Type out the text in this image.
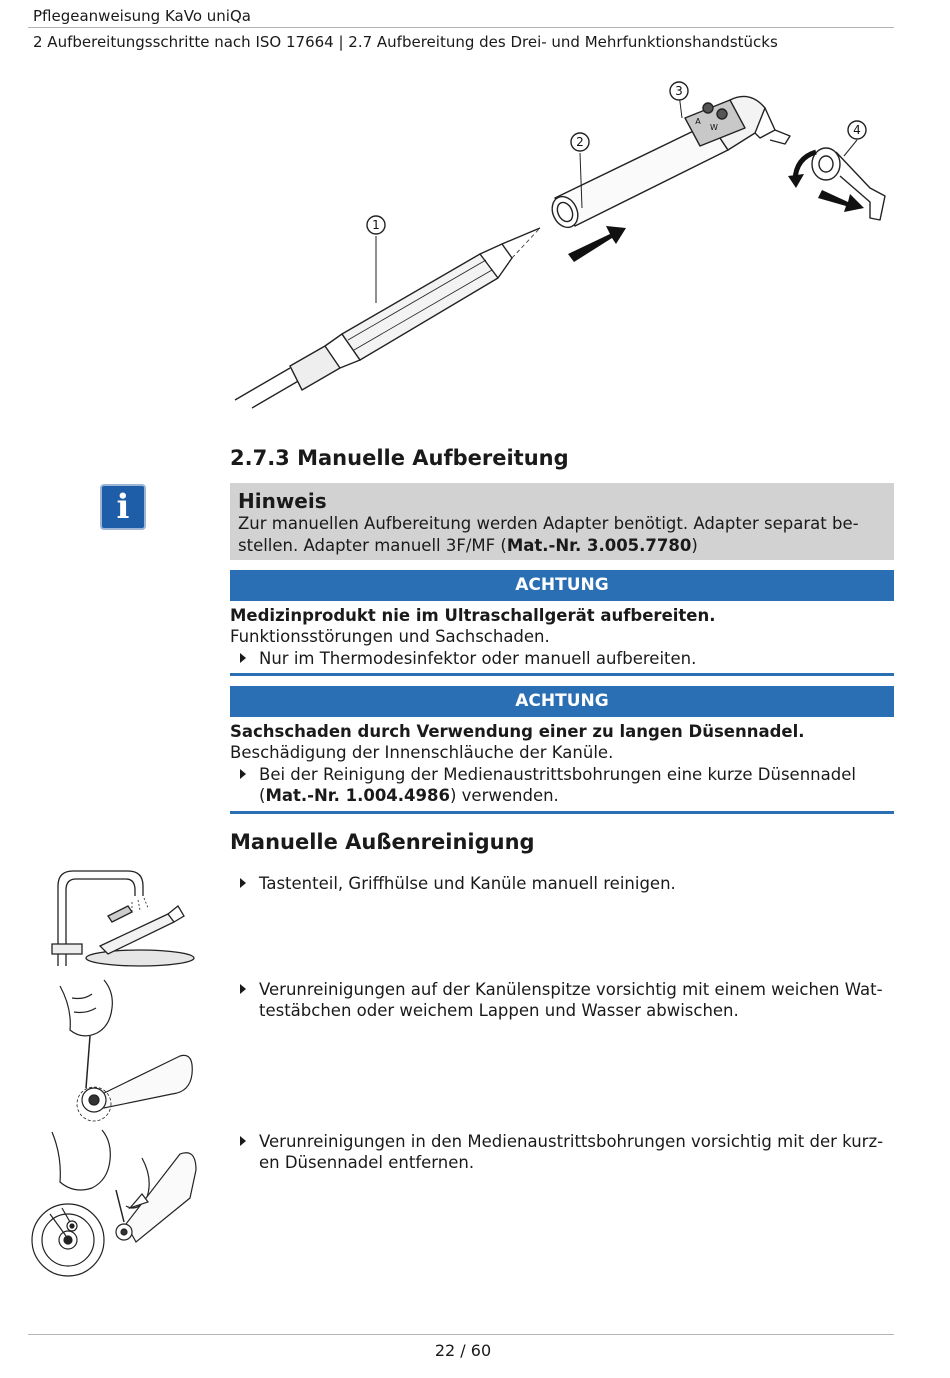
Pflegeanweisung KaVo uniQa
2 Aufbereitungsschritte nach ISO 17664 | 2.7 Aufbereitung des Drei- und Mehrfunktionshandstücks
1
2
3
4
A
W
2.7.3 Manuelle Aufbereitung
i	Hinweis
Zur manuellen Aufbereitung werden Adapter benötigt. Adapter separat be-
stellen. Adapter manuell 3F/MF (Mat.-Nr. 3.005.7780)
ACHTUNG
Medizinprodukt nie im Ultraschallgerät aufbereiten.
Funktionsstörungen und Sachschaden.
Nur im Thermodesinfektor oder manuell aufbereiten.
ACHTUNG
Sachschaden durch Verwendung einer zu langen Düsennadel.
Beschädigung der Innenschläuche der Kanüle.
Bei der Reinigung der Medienaustrittsbohrungen eine kurze Düsennadel
(Mat.-Nr. 1.004.4986) verwenden.
Manuelle Außenreinigung
Tastenteil, Griffhülse und Kanüle manuell reinigen.
Verunreinigungen auf der Kanülenspitze vorsichtig mit einem weichen Wat-
testäbchen oder weichem Lappen und Wasser abwischen.
Verunreinigungen in den Medienaustrittsbohrungen vorsichtig mit der kurz-
en Düsennadel entfernen.
22 / 60
